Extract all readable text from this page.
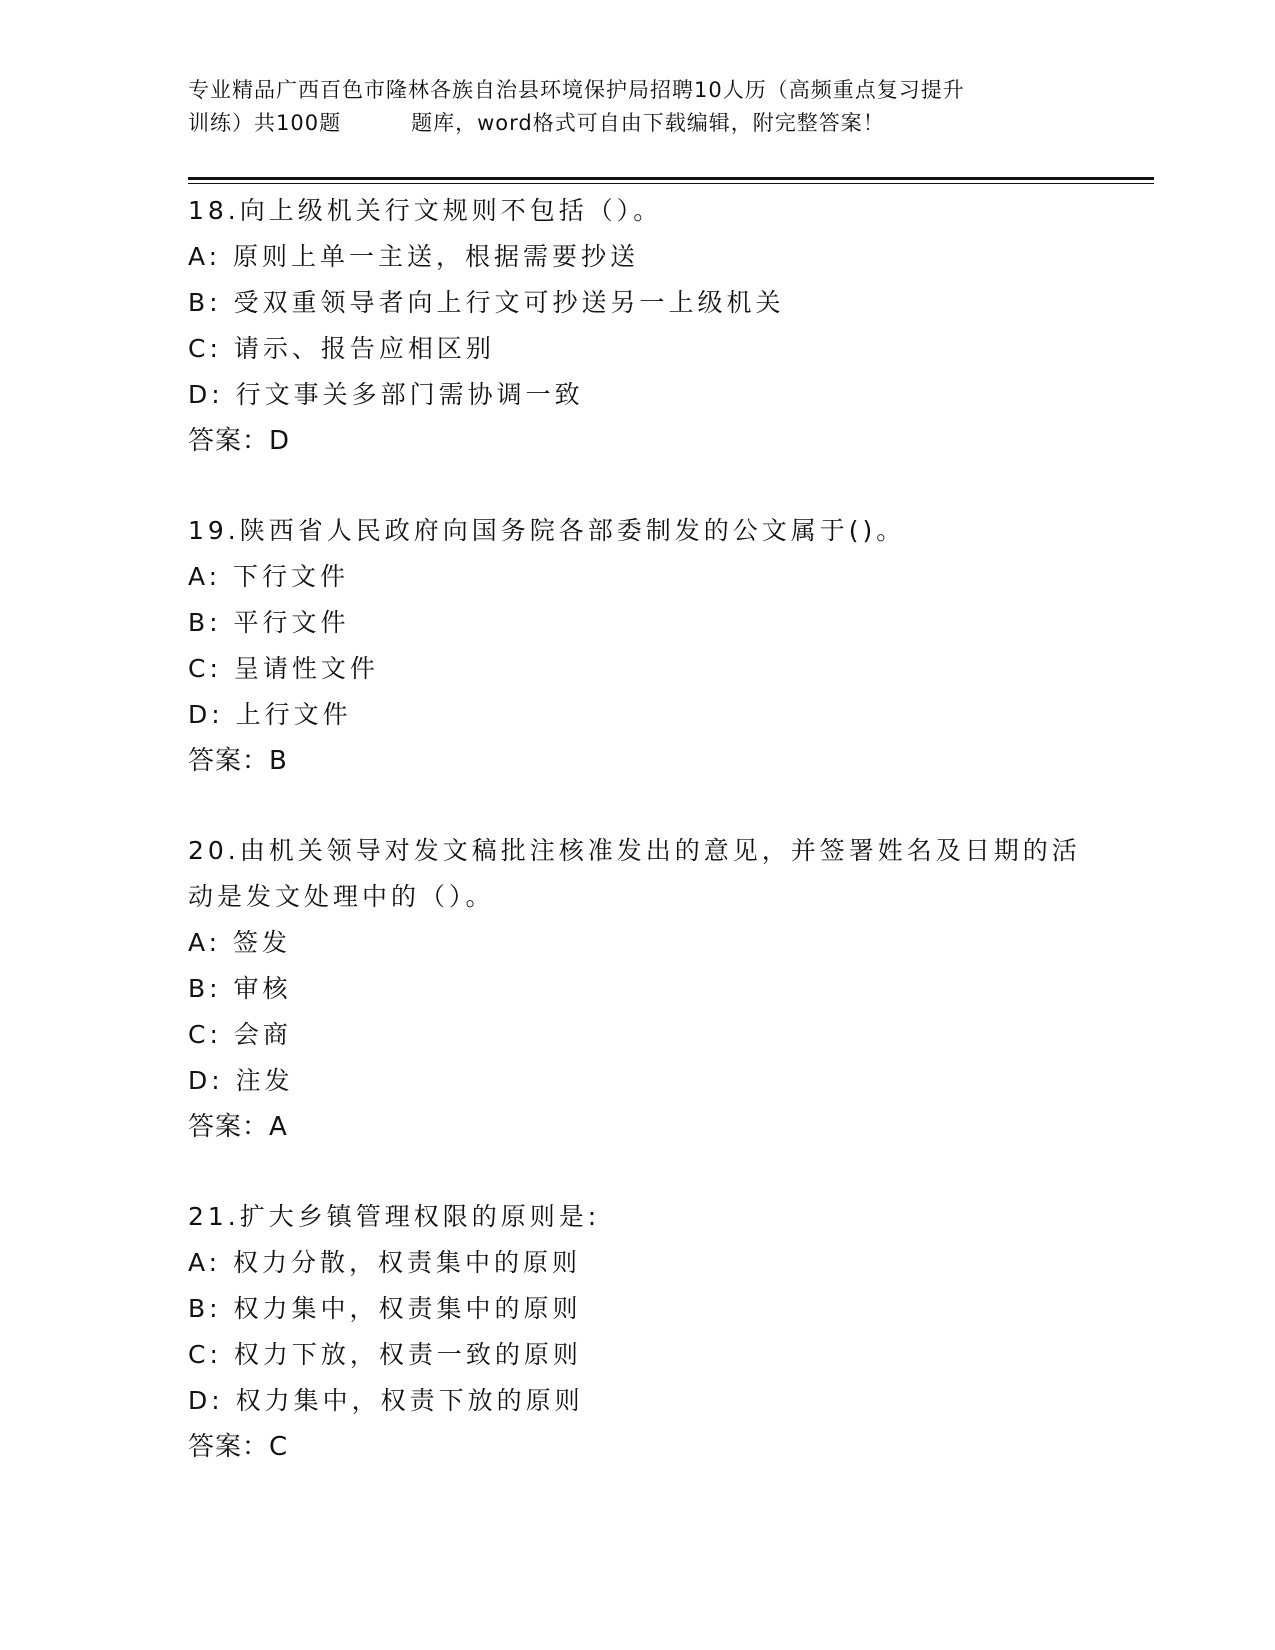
专业精品广西百色市隆林各族自治县环境保护局招聘10人历（高频重点复习提升
训练）共100题	题库，word格式可自由下载编辑，附完整答案！
18.向上级机关行文规则不包括（）。
A: 原则上单一主送，根据需要抄送
B: 受双重领导者向上行文可抄送另一上级机关
C: 请示、报告应相区别
D: 行文事关多部门需协调一致
答案：D
19.陕西省人民政府向国务院各部委制发的公文属于()。
A: 下行文件
B: 平行文件
C: 呈请性文件
D: 上行文件
答案：B
20.由机关领导对发文稿批注核准发出的意见，并签署姓名及日期的活动是发文处理中的（）。
A: 签发
B: 审核
C: 会商
D: 注发
答案：A
21.扩大乡镇管理权限的原则是:
A: 权力分散，权责集中的原则
B: 权力集中，权责集中的原则
C: 权力下放，权责一致的原则
D: 权力集中，权责下放的原则
答案：C
